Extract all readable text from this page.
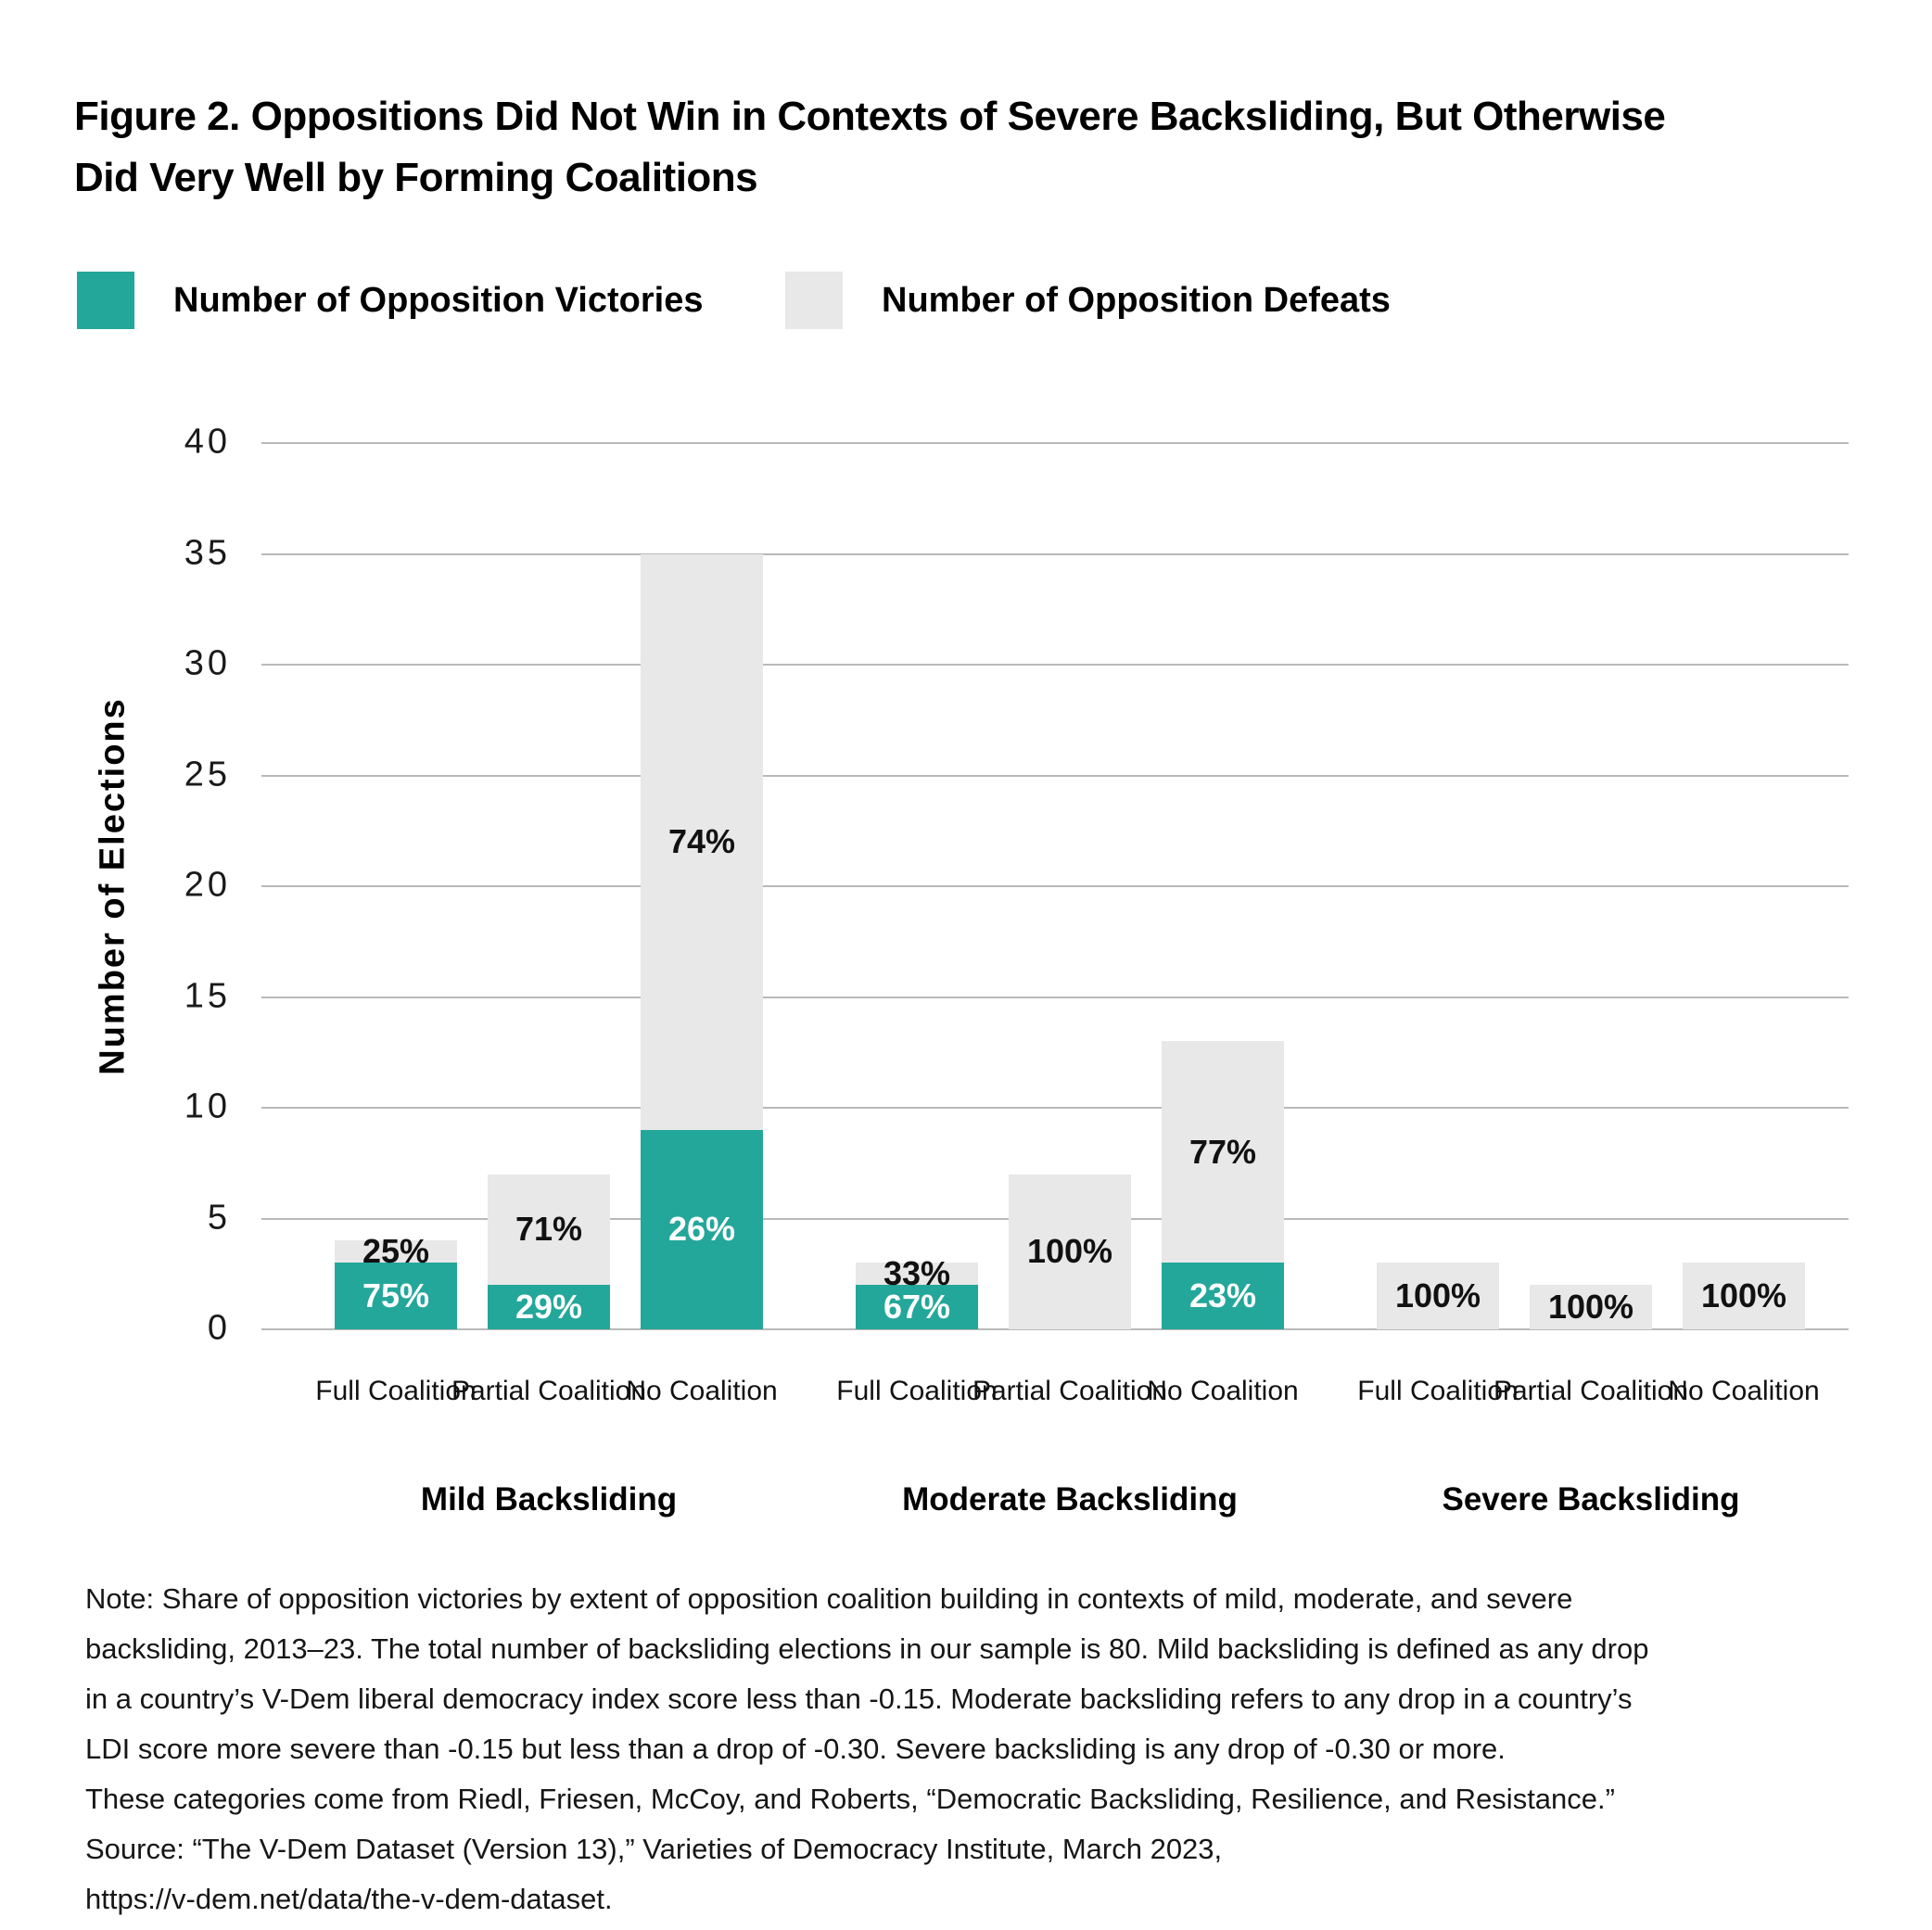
Figure 2. Oppositions Did Not Win in Contexts of Severe Backsliding, But Otherwise
Did Very Well by Forming Coalitions
Number of Opposition Victories	Number of Opposition Defeats
Number of Elections
0
5
10
15
20
25
30
35
40
75%
25%
Full Coalition
29%
71%
Partial Coalition
26%
74%
No Coalition
Mild Backsliding
67%
33%
Full Coalition
100%
Partial Coalition
23%
77%
No Coalition
Moderate Backsliding
100%
Full Coalition
100%
Partial Coalition
100%
No Coalition
Severe Backsliding
Note: Share of opposition victories by extent of opposition coalition building in contexts of mild, moderate, and severe
backsliding, 2013–23. The total number of backsliding elections in our sample is 80. Mild backsliding is defined as any drop
in a country’s V-Dem liberal democracy index score less than -0.15. Moderate backsliding refers to any drop in a country’s
LDI score more severe than -0.15 but less than a drop of -0.30. Severe backsliding is any drop of -0.30 or more.
These categories come from Riedl, Friesen, McCoy, and Roberts, “Democratic Backsliding, Resilience, and Resistance.”
Source: “The V-Dem Dataset (Version 13),” Varieties of Democracy Institute, March 2023,
https://v-dem.net/data/the-v-dem-dataset.
